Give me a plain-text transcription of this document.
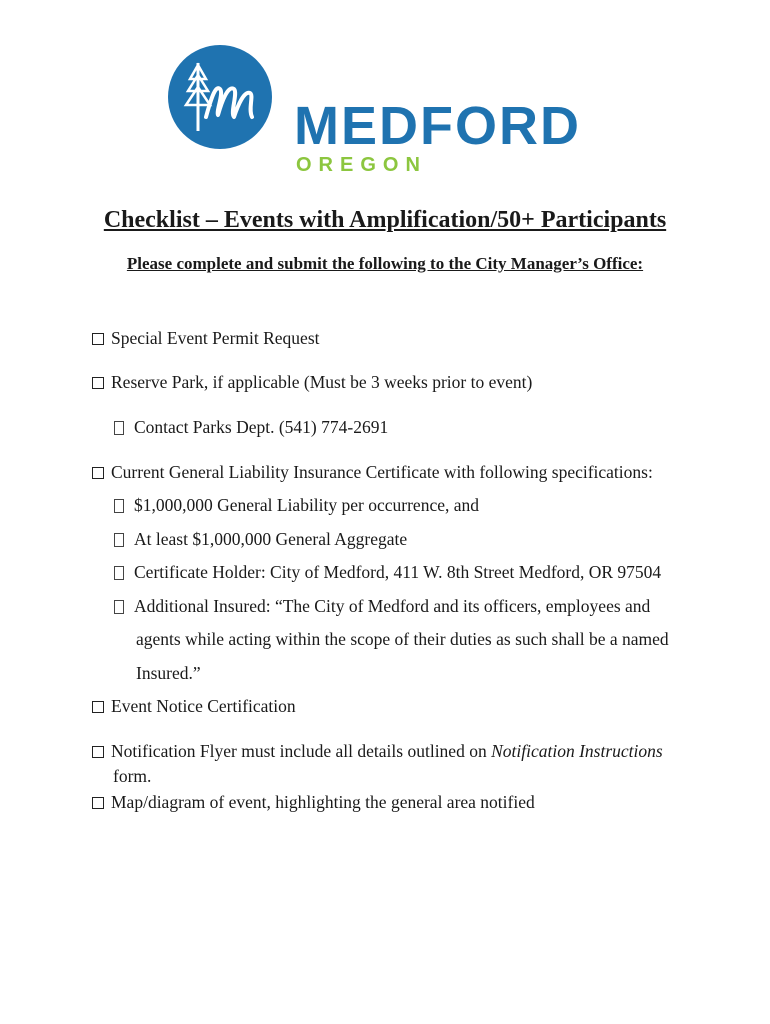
MEDFORD
OREGON
Checklist – Events with Amplification/50+ Participants
Please complete and submit the following to the City Manager’s Office:
Special Event Permit Request
Reserve Park, if applicable (Must be 3 weeks prior to event)
Contact Parks Dept. (541) 774-2691
Current General Liability Insurance Certificate with following specifications:
$1,000,000 General Liability per occurrence, and
At least $1,000,000 General Aggregate
Certificate Holder: City of Medford, 411 W. 8th Street Medford, OR 97504
Additional Insured: “The City of Medford and its officers, employees and
agents while acting within the scope of their duties as such shall be a named
Insured.”
Event Notice Certification
Notification Flyer must include all details outlined on Notification Instructions
form.
Map/diagram of event, highlighting the general area notified
